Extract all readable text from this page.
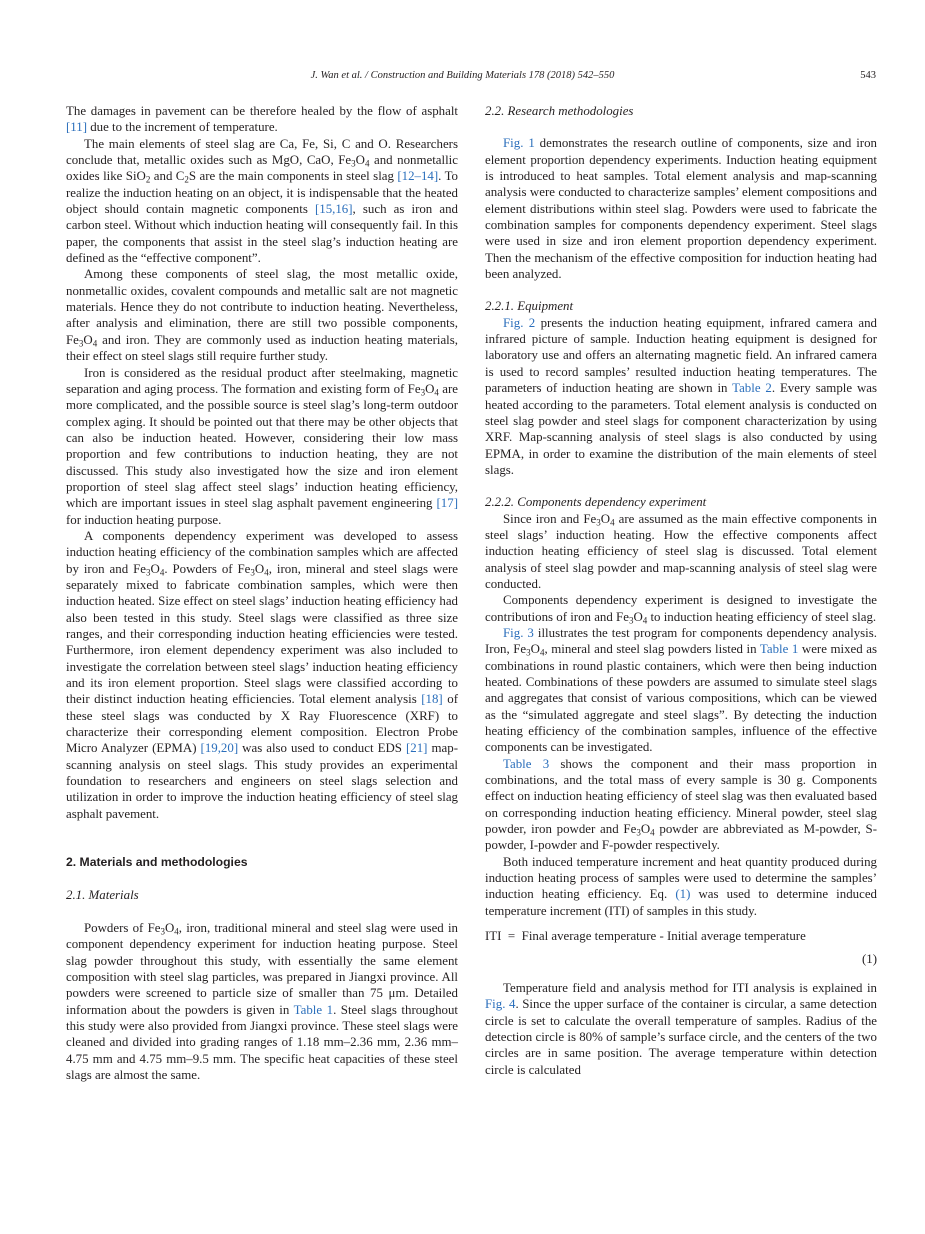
J. Wan et al. / Construction and Building Materials 178 (2018) 542–550	543

The damages in pavement can be therefore healed by the flow of asphalt [11] due to the increment of temperature.

The main elements of steel slag are Ca, Fe, Si, C and O. Researchers conclude that, metallic oxides such as MgO, CaO, $Fe_3O_4$ and nonmetallic oxides like SiO$_2$ and $C_2S$ are the main components in steel slag [12–14]. To realize the induction heating on an object, it is indispensable that the heated object should contain magnetic components [15,16], such as iron and carbon steel. Without which induction heating will consequently fail. In this paper, the components that assist in the steel slag’s induction heating are defined as the “effective component”.

Among these components of steel slag, the most metallic oxide, nonmetallic oxides, covalent compounds and metallic salt are not magnetic materials. Hence they do not contribute to induction heating. Nevertheless, after analysis and elimination, there are still two possible components, $Fe_3O_4$ and iron. They are commonly used as induction heating materials, their effect on steel slags still require further study.

Iron is considered as the residual product after steelmaking, magnetic separation and aging process. The formation and existing form of $Fe_3O_4$ are more complicated, and the possible source is steel slag’s long-term outdoor complex aging. It should be pointed out that there may be other objects that can also be induction heated. However, considering their low mass proportion and few contributions to induction heating, they are not discussed. This study also investigated how the size and iron element proportion of steel slag affect steel slags’ induction heating efficiency, which are important issues in steel slag asphalt pavement engineering [17] for induction heating purpose.

A components dependency experiment was developed to assess induction heating efficiency of the combination samples which are affected by iron and $Fe_3O_4$. Powders of $Fe_3O_4$, iron, mineral and steel slags were separately mixed to fabricate combination samples, which were then induction heated. Size effect on steel slags’ induction heating efficiency had also been tested in this study. Steel slags were classified as three size ranges, and their corresponding induction heating efficiencies were tested. Furthermore, iron element dependency experiment was also included to investigate the correlation between steel slags’ induction heating efficiency and its iron element proportion. Steel slags were classified according to their distinct induction heating efficiencies. Total element analysis [18] of these steel slags was conducted by X Ray Fluorescence (XRF) to characterize their corresponding element composition. Electron Probe Micro Analyzer (EPMA) [19,20] was also used to conduct EDS [21] map-scanning analysis on steel slags. This study provides an experimental foundation to researchers and engineers on steel slags selection and utilization in order to improve the induction heating efficiency of steel slag asphalt pavement.

2. Materials and methodologies
2.1. Materials

Powders of $Fe_3O_4$, iron, traditional mineral and steel slag were used in component dependency experiment for induction heating purpose. Steel slag powder throughout this study, with essentially the same element composition with steel slag particles, was prepared in Jiangxi province. All powders were screened to particle size of smaller than 75 μm. Detailed information about the powders is given in Table 1. Steel slags throughout this study were also provided from Jiangxi province. These steel slags were cleaned and divided into grading ranges of 1.18 mm–2.36 mm, 2.36 mm–4.75 mm and 4.75 mm–9.5 mm. The specific heat capacities of these steel slags are almost the same.

2.2. Research methodologies

Fig. 1 demonstrates the research outline of components, size and iron element proportion dependency experiments. Induction heating equipment is introduced to heat samples. Total element analysis and map-scanning analysis were conducted to characterize samples’ element compositions and element distributions within steel slag. Powders were used to fabricate the combination samples for components dependency experiment. Steel slags were used in size and iron element proportion dependency experiment. Then the mechanism of the effective composition for induction heating had been analyzed.

2.2.1. Equipment

Fig. 2 presents the induction heating equipment, infrared camera and infrared picture of sample. Induction heating equipment is designed for laboratory use and offers an alternating magnetic field. An infrared camera is used to record samples’ resulted induction heating temperatures. The parameters of induction heating are shown in Table 2. Every sample was heated according to the parameters. Total element analysis is conducted on steel slag powder and steel slags for component characterization by using XRF. Map-scanning analysis of steel slags is also conducted by using EPMA, in order to examine the distribution of the main elements of steel slags.

2.2.2. Components dependency experiment

Since iron and $Fe_3O_4$ are assumed as the main effective components in steel slags’ induction heating. How the effective components affect induction heating efficiency of steel slag is discussed. Total element analysis of steel slag powder and map-scanning analysis of steel slag were conducted.

Components dependency experiment is designed to investigate the contributions of iron and $Fe_3O_4$ to induction heating efficiency of steel slag.

Fig. 3 illustrates the test program for components dependency analysis. Iron, $Fe_3O_4$, mineral and steel slag powders listed in Table 1 were mixed as combinations in round plastic containers, which were then being induction heated. Combinations of these powders are assumed to simulate steel slags and aggregates that consist of various compositions, which can be viewed as the “simulated aggregate and steel slags”. By detecting the induction heating efficiency of the combination samples, influence of the effective components can be investigated.

Table 3 shows the component and their mass proportion in combinations, and the total mass of every sample is 30 g. Components effect on induction heating efficiency of steel slag was then evaluated based on corresponding induction heating efficiency. Mineral powder, steel slag powder, iron powder and $Fe_3O_4$ powder are abbreviated as M-powder, S-powder, I-powder and F-powder respectively.

Both induced temperature increment and heat quantity produced during induction heating process of samples were used to determine the samples’ induction heating efficiency. Eq. (1) was used to determine induced temperature increment (ITI) of samples in this study.

ITI = Final average temperature - Initial average temperature
(1)

Temperature field and analysis method for ITI analysis is explained in Fig. 4. Since the upper surface of the container is circular, a same detection circle is set to calculate the overall temperature of samples. Radius of the detection circle is 80% of sample’s surface circle, and the centers of the two circles are in same position. The average temperature within detection circle is calculated
